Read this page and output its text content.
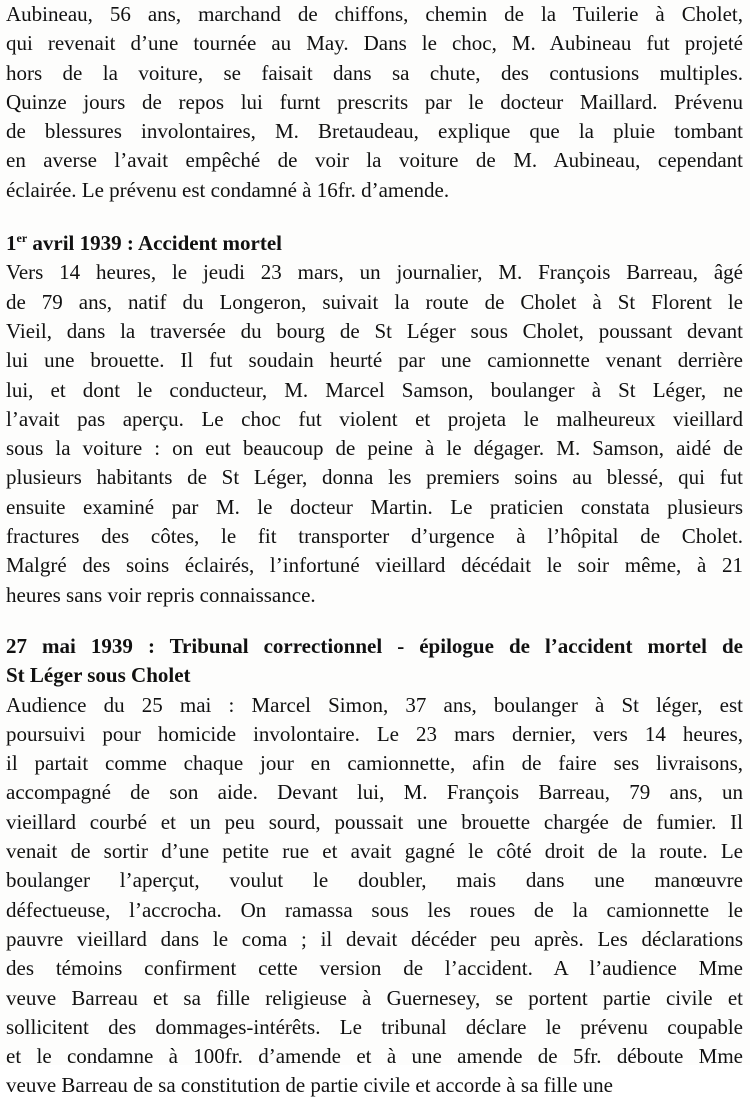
Aubineau, 56 ans, marchand de chiffons, chemin de la Tuilerie à Cholet,
qui revenait d’une tournée au May. Dans le choc, M. Aubineau fut projeté
hors de la voiture, se faisait dans sa chute, des contusions multiples.
Quinze jours de repos lui furnt prescrits par le docteur Maillard. Prévenu
de blessures involontaires, M. Bretaudeau, explique que la pluie tombant
en averse l’avait empêché de voir la voiture de M. Aubineau, cependant
éclairée. Le prévenu est condamné à 16fr. d’amende.
1er avril 1939 : Accident mortel
Vers 14 heures, le jeudi 23 mars, un journalier, M. François Barreau, âgé
de 79 ans, natif du Longeron, suivait la route de Cholet à St Florent le
Vieil, dans la traversée du bourg de St Léger sous Cholet, poussant devant
lui une brouette. Il fut soudain heurté par une camionnette venant derrière
lui, et dont le conducteur, M. Marcel Samson, boulanger à St Léger, ne
l’avait pas aperçu. Le choc fut violent et projeta le malheureux vieillard
sous la voiture : on eut beaucoup de peine à le dégager. M. Samson, aidé de
plusieurs habitants de St Léger, donna les premiers soins au blessé, qui fut
ensuite examiné par M. le docteur Martin. Le praticien constata plusieurs
fractures des côtes, le fit transporter d’urgence à l’hôpital de Cholet.
Malgré des soins éclairés, l’infortuné vieillard décédait le soir même, à 21
heures sans voir repris connaissance.
27 mai 1939 : Tribunal correctionnel - épilogue de l’accident mortel de
St Léger sous Cholet
Audience du 25 mai : Marcel Simon, 37 ans, boulanger à St léger, est
poursuivi pour homicide involontaire. Le 23 mars dernier, vers 14 heures,
il partait comme chaque jour en camionnette, afin de faire ses livraisons,
accompagné de son aide. Devant lui, M. François Barreau, 79 ans, un
vieillard courbé et un peu sourd, poussait une brouette chargée de fumier. Il
venait de sortir d’une petite rue et avait gagné le côté droit de la route. Le
boulanger l’aperçut, voulut le doubler, mais dans une manœuvre
défectueuse, l’accrocha. On ramassa sous les roues de la camionnette le
pauvre vieillard dans le coma ; il devait décéder peu après. Les déclarations
des témoins confirment cette version de l’accident. A l’audience Mme
veuve Barreau et sa fille religieuse à Guernesey, se portent partie civile et
sollicitent des dommages-intérêts. Le tribunal déclare le prévenu coupable
et le condamne à 100fr. d’amende et à une amende de 5fr. déboute Mme
veuve Barreau de sa constitution de partie civile et accorde à sa fille une
